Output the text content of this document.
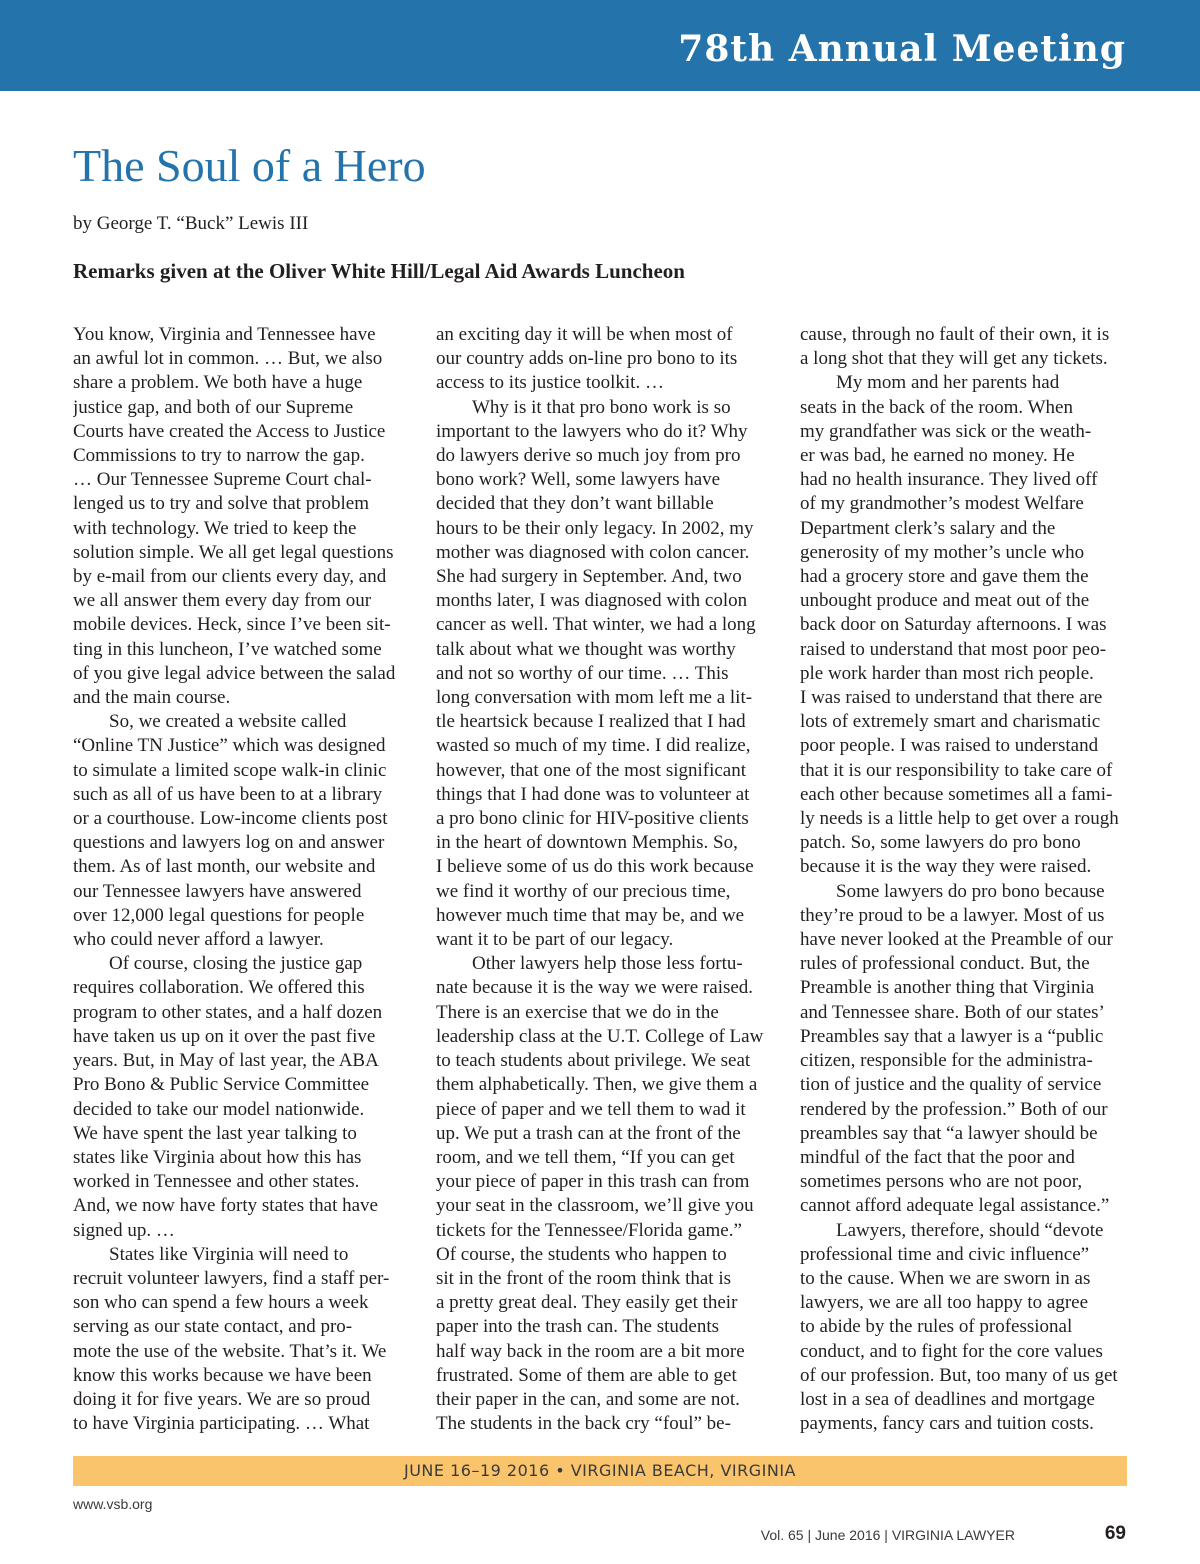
78th Annual Meeting
The Soul of a Hero
by George T. “Buck” Lewis III
Remarks given at the Oliver White Hill/Legal Aid Awards Luncheon
You know, Virginia and Tennessee have
an awful lot in common. … But, we also
share a problem. We both have a huge
justice gap, and both of our Supreme
Courts have created the Access to Justice
Commissions to try to narrow the gap.
… Our Tennessee Supreme Court chal-
lenged us to try and solve that problem
with technology. We tried to keep the
solution simple. We all get legal questions
by e-mail from our clients every day, and
we all answer them every day from our
mobile devices. Heck, since I’ve been sit-
ting in this luncheon, I’ve watched some
of you give legal advice between the salad
and the main course.
So, we created a website called
“Online TN Justice” which was designed
to simulate a limited scope walk-in clinic
such as all of us have been to at a library
or a courthouse. Low-income clients post
questions and lawyers log on and answer
them. As of last month, our website and
our Tennessee lawyers have answered
over 12,000 legal questions for people
who could never afford a lawyer.
Of course, closing the justice gap
requires collaboration. We offered this
program to other states, and a half dozen
have taken us up on it over the past five
years. But, in May of last year, the ABA
Pro Bono & Public Service Committee
decided to take our model nationwide.
We have spent the last year talking to
states like Virginia about how this has
worked in Tennessee and other states.
And, we now have forty states that have
signed up. …
States like Virginia will need to
recruit volunteer lawyers, find a staff per-
son who can spend a few hours a week
serving as our state contact, and pro-
mote the use of the website. That’s it. We
know this works because we have been
doing it for five years. We are so proud
to have Virginia participating. … What
an exciting day it will be when most of
our country adds on-line pro bono to its
access to its justice toolkit. …
Why is it that pro bono work is so
important to the lawyers who do it? Why
do lawyers derive so much joy from pro
bono work? Well, some lawyers have
decided that they don’t want billable
hours to be their only legacy. In 2002, my
mother was diagnosed with colon cancer.
She had surgery in September. And, two
months later, I was diagnosed with colon
cancer as well. That winter, we had a long
talk about what we thought was worthy
and not so worthy of our time. … This
long conversation with mom left me a lit-
tle heartsick because I realized that I had
wasted so much of my time. I did realize,
however, that one of the most significant
things that I had done was to volunteer at
a pro bono clinic for HIV-positive clients
in the heart of downtown Memphis. So,
I believe some of us do this work because
we find it worthy of our precious time,
however much time that may be, and we
want it to be part of our legacy.
Other lawyers help those less fortu-
nate because it is the way we were raised.
There is an exercise that we do in the
leadership class at the U.T. College of Law
to teach students about privilege. We seat
them alphabetically. Then, we give them a
piece of paper and we tell them to wad it
up. We put a trash can at the front of the
room, and we tell them, “If you can get
your piece of paper in this trash can from
your seat in the classroom, we’ll give you
tickets for the Tennessee/Florida game.”
Of course, the students who happen to
sit in the front of the room think that is
a pretty great deal. They easily get their
paper into the trash can. The students
half way back in the room are a bit more
frustrated. Some of them are able to get
their paper in the can, and some are not.
The students in the back cry “foul” be-
cause, through no fault of their own, it is
a long shot that they will get any tickets.
My mom and her parents had
seats in the back of the room. When
my grandfather was sick or the weath-
er was bad, he earned no money. He
had no health insurance. They lived off
of my grandmother’s modest Welfare
Department clerk’s salary and the
generosity of my mother’s uncle who
had a grocery store and gave them the
unbought produce and meat out of the
back door on Saturday afternoons. I was
raised to understand that most poor peo-
ple work harder than most rich people.
I was raised to understand that there are
lots of extremely smart and charismatic
poor people. I was raised to understand
that it is our responsibility to take care of
each other because sometimes all a fami-
ly needs is a little help to get over a rough
patch. So, some lawyers do pro bono
because it is the way they were raised.
Some lawyers do pro bono because
they’re proud to be a lawyer. Most of us
have never looked at the Preamble of our
rules of professional conduct. But, the
Preamble is another thing that Virginia
and Tennessee share. Both of our states’
Preambles say that a lawyer is a “public
citizen, responsible for the administra-
tion of justice and the quality of service
rendered by the profession.” Both of our
preambles say that “a lawyer should be
mindful of the fact that the poor and
sometimes persons who are not poor,
cannot afford adequate legal assistance.”
Lawyers, therefore, should “devote
professional time and civic influence”
to the cause. When we are sworn in as
lawyers, we are all too happy to agree
to abide by the rules of professional
conduct, and to fight for the core values
of our profession. But, too many of us get
lost in a sea of deadlines and mortgage
payments, fancy cars and tuition costs.
JUNE 16–19 2016 • VIRGINIA BEACH, VIRGINIA
www.vsb.org
Vol. 65 | June 2016 | VIRGINIA LAWYER	69
